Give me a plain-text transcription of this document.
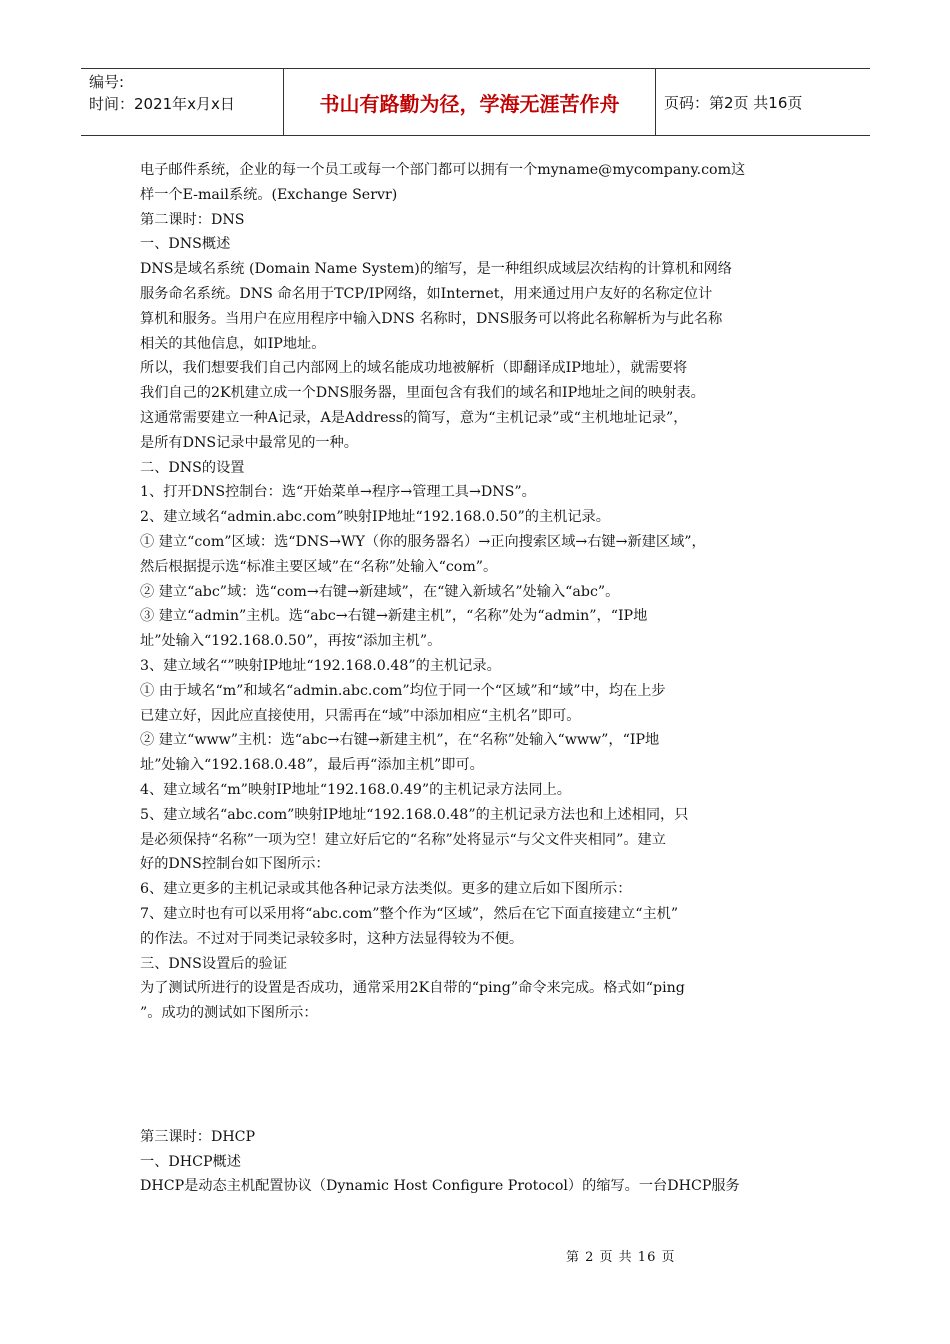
编号:
时间：2021年x月x日	书山有路勤为径，学海无涯苦作舟	页码：第2页 共16页

电子邮件系统，企业的每一个员工或每一个部门都可以拥有一个myname@mycompany.com这

样一个E-mail系统。(Exchange Servr)

第二课时：DNS

一、DNS概述

DNS是域名系统 (Domain Name System)的缩写，是一种组织成域层次结构的计算机和网络

服务命名系统。DNS 命名用于TCP/IP网络，如Internet，用来通过用户友好的名称定位计

算机和服务。当用户在应用程序中输入DNS 名称时，DNS服务可以将此名称解析为与此名称

相关的其他信息，如IP地址。

所以，我们想要我们自己内部网上的域名能成功地被解析（即翻译成IP地址），就需要将

我们自己的2K机建立成一个DNS服务器，里面包含有我们的域名和IP地址之间的映射表。

这通常需要建立一种A记录，A是Address的简写，意为“主机记录”或“主机地址记录”，

是所有DNS记录中最常见的一种。

二、DNS的设置

1、打开DNS控制台：选“开始菜单→程序→管理工具→DNS”。

2、建立域名“admin.abc.com”映射IP地址“192.168.0.50”的主机记录。

① 建立“com”区域：选“DNS→WY（你的服务器名）→正向搜索区域→右键→新建区域”，

然后根据提示选“标准主要区域”在“名称”处输入“com”。

② 建立“abc”域：选“com→右键→新建域”，在“键入新域名”处输入“abc”。

③ 建立“admin”主机。选“abc→右键→新建主机”，“名称”处为“admin”，“IP地

址”处输入“192.168.0.50”，再按“添加主机”。

3、建立域名“”映射IP地址“192.168.0.48”的主机记录。

① 由于域名“m”和域名“admin.abc.com”均位于同一个“区域”和“域”中，均在上步

已建立好，因此应直接使用，只需再在“域”中添加相应“主机名”即可。

② 建立“www”主机：选“abc→右键→新建主机”，在“名称”处输入“www”，“IP地

址”处输入“192.168.0.48”，最后再“添加主机”即可。

4、建立域名“m”映射IP地址“192.168.0.49”的主机记录方法同上。

5、建立域名“abc.com”映射IP地址“192.168.0.48”的主机记录方法也和上述相同，只

是必须保持“名称”一项为空！建立好后它的“名称”处将显示“与父文件夹相同”。建立

好的DNS控制台如下图所示：

6、建立更多的主机记录或其他各种记录方法类似。更多的建立后如下图所示：

7、建立时也有可以采用将“abc.com”整个作为“区域”，然后在它下面直接建立“主机”

的作法。不过对于同类记录较多时，这种方法显得较为不便。

三、DNS设置后的验证

为了测试所进行的设置是否成功，通常采用2K自带的“ping”命令来完成。格式如“ping

”。成功的测试如下图所示：

第三课时：DHCP

一、DHCP概述

DHCP是动态主机配置协议（Dynamic Host Configure Protocol）的缩写。一台DHCP服务

第 2 页 共 16 页
